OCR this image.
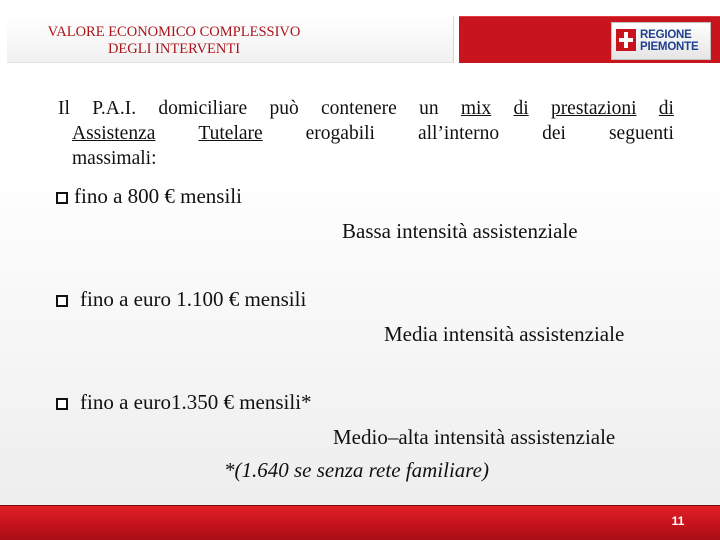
VALORE ECONOMICO COMPLESSIVO
DEGLI INTERVENTI
REGIONE
PIEMONTE
Il P.A.I. domiciliare può contenere un mix di prestazioni di
Assistenza Tutelare erogabili all’interno dei seguenti
massimali:
fino a 800 € mensili
Bassa intensità assistenziale
fino a euro 1.100 € mensili
Media intensità assistenziale
fino a euro1.350 € mensili*
Medio–alta intensità assistenziale
*(1.640 se senza rete familiare)
11
